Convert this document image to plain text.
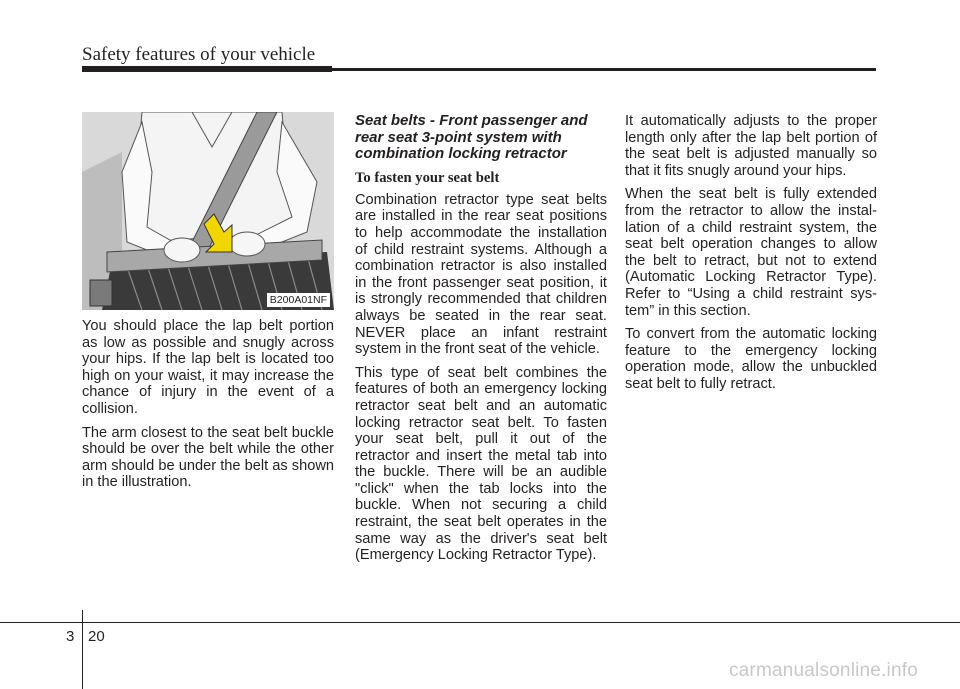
Safety features of your vehicle
B200A01NF

You should place the lap belt portion as low as possible and snugly across your hips. If the lap belt is located too high on your waist, it may increase the chance of injury in the event of a collision.

The arm closest to the seat belt buckle should be over the belt while the other arm should be under the belt as shown in the illustration.

Seat belts - Front passenger and
rear seat 3-point system with
combination locking retractor
To fasten your seat belt

Combination retractor type seat belts are installed in the rear seat positions to help accommodate the installation of child restraint systems. Although a combination retractor is also installed in the front passenger seat position, it is strongly recommended that children always be seated in the rear seat. NEVER place an infant restraint system in the front seat of the vehicle.

This type of seat belt combines the features of both an emergency locking retractor seat belt and an automatic locking retractor seat belt. To fasten your seat belt, pull it out of the retractor and insert the metal tab into the buckle. There will be an audible "click" when the tab locks into the buckle. When not securing a child restraint, the seat belt operates in the same way as the driver's seat belt (Emergency Locking Retractor Type).

It automatically adjusts to the proper length only after the lap belt portion of the seat belt is adjusted manually so that it fits snugly around your hips.

When the seat belt is fully extended from the retractor to allow the installation of a child restraint system, the seat belt operation changes to allow the belt to retract, but not to extend (Automatic Locking Retractor Type). Refer to “Using a child restraint system” in this section.

To convert from the automatic locking feature to the emergency locking operation mode, allow the unbuckled seat belt to fully retract.

3 20
carmanualsonline.info
